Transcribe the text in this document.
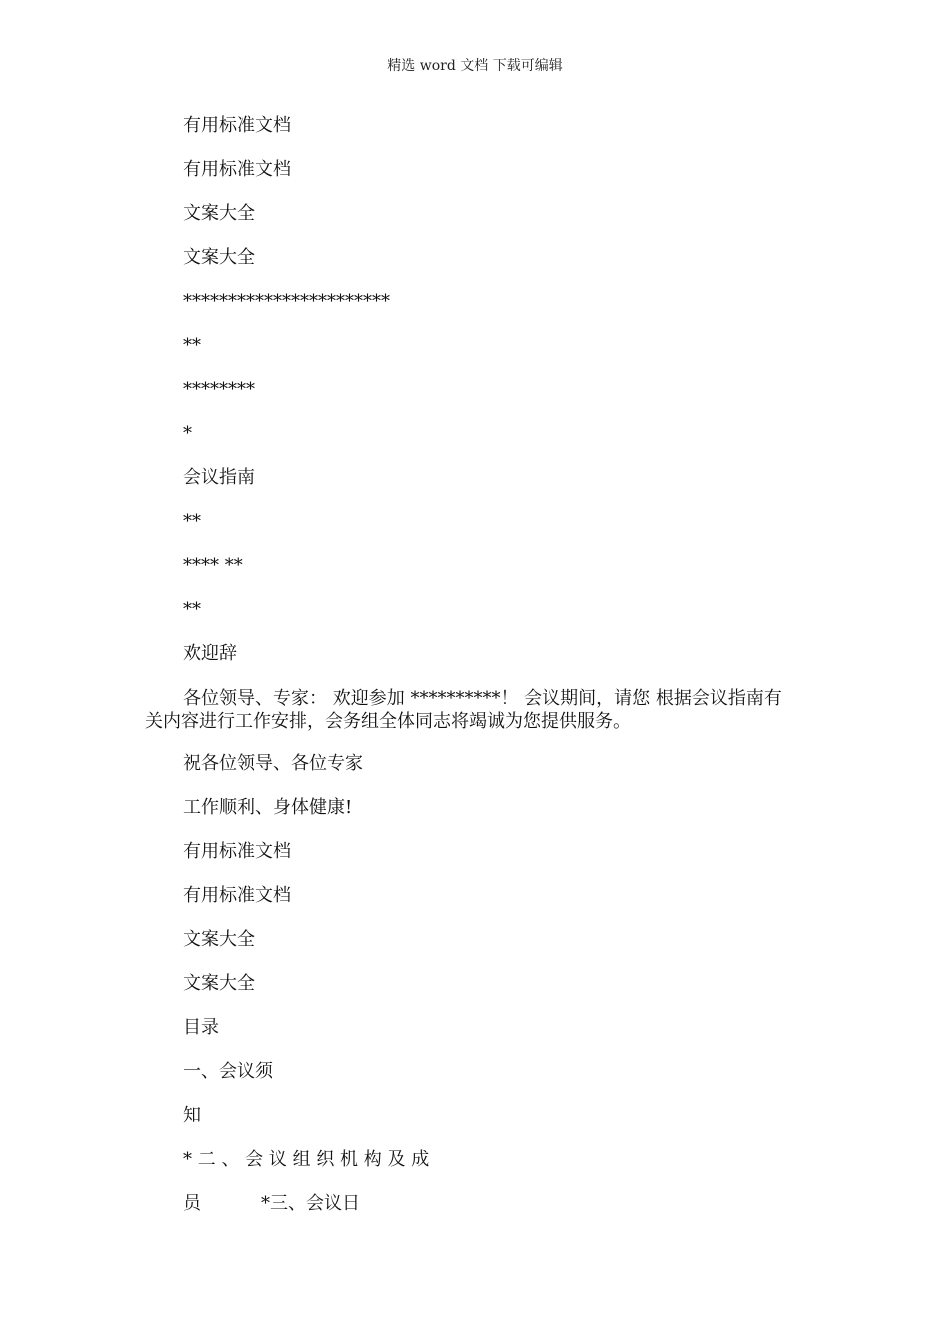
精选 word 文档 下载可编辑
有用标准文档
有用标准文档
文案大全
文案大全
***********************
**
********
*
会议指南
**
**** **
**
欢迎辞
各位领导、专家： 欢迎参加 **********！ 会议期间，请您 根据会议指南有 关内容进行工作安排，会务组全体同志将竭诚为您提供服务。
祝各位领导、各位专家
工作顺利、身体健康!
有用标准文档
有用标准文档
文案大全
文案大全
目录
一、会议须
知
* 二 、 会 议 组 织 机 构 及 成
员	*三、会议日
